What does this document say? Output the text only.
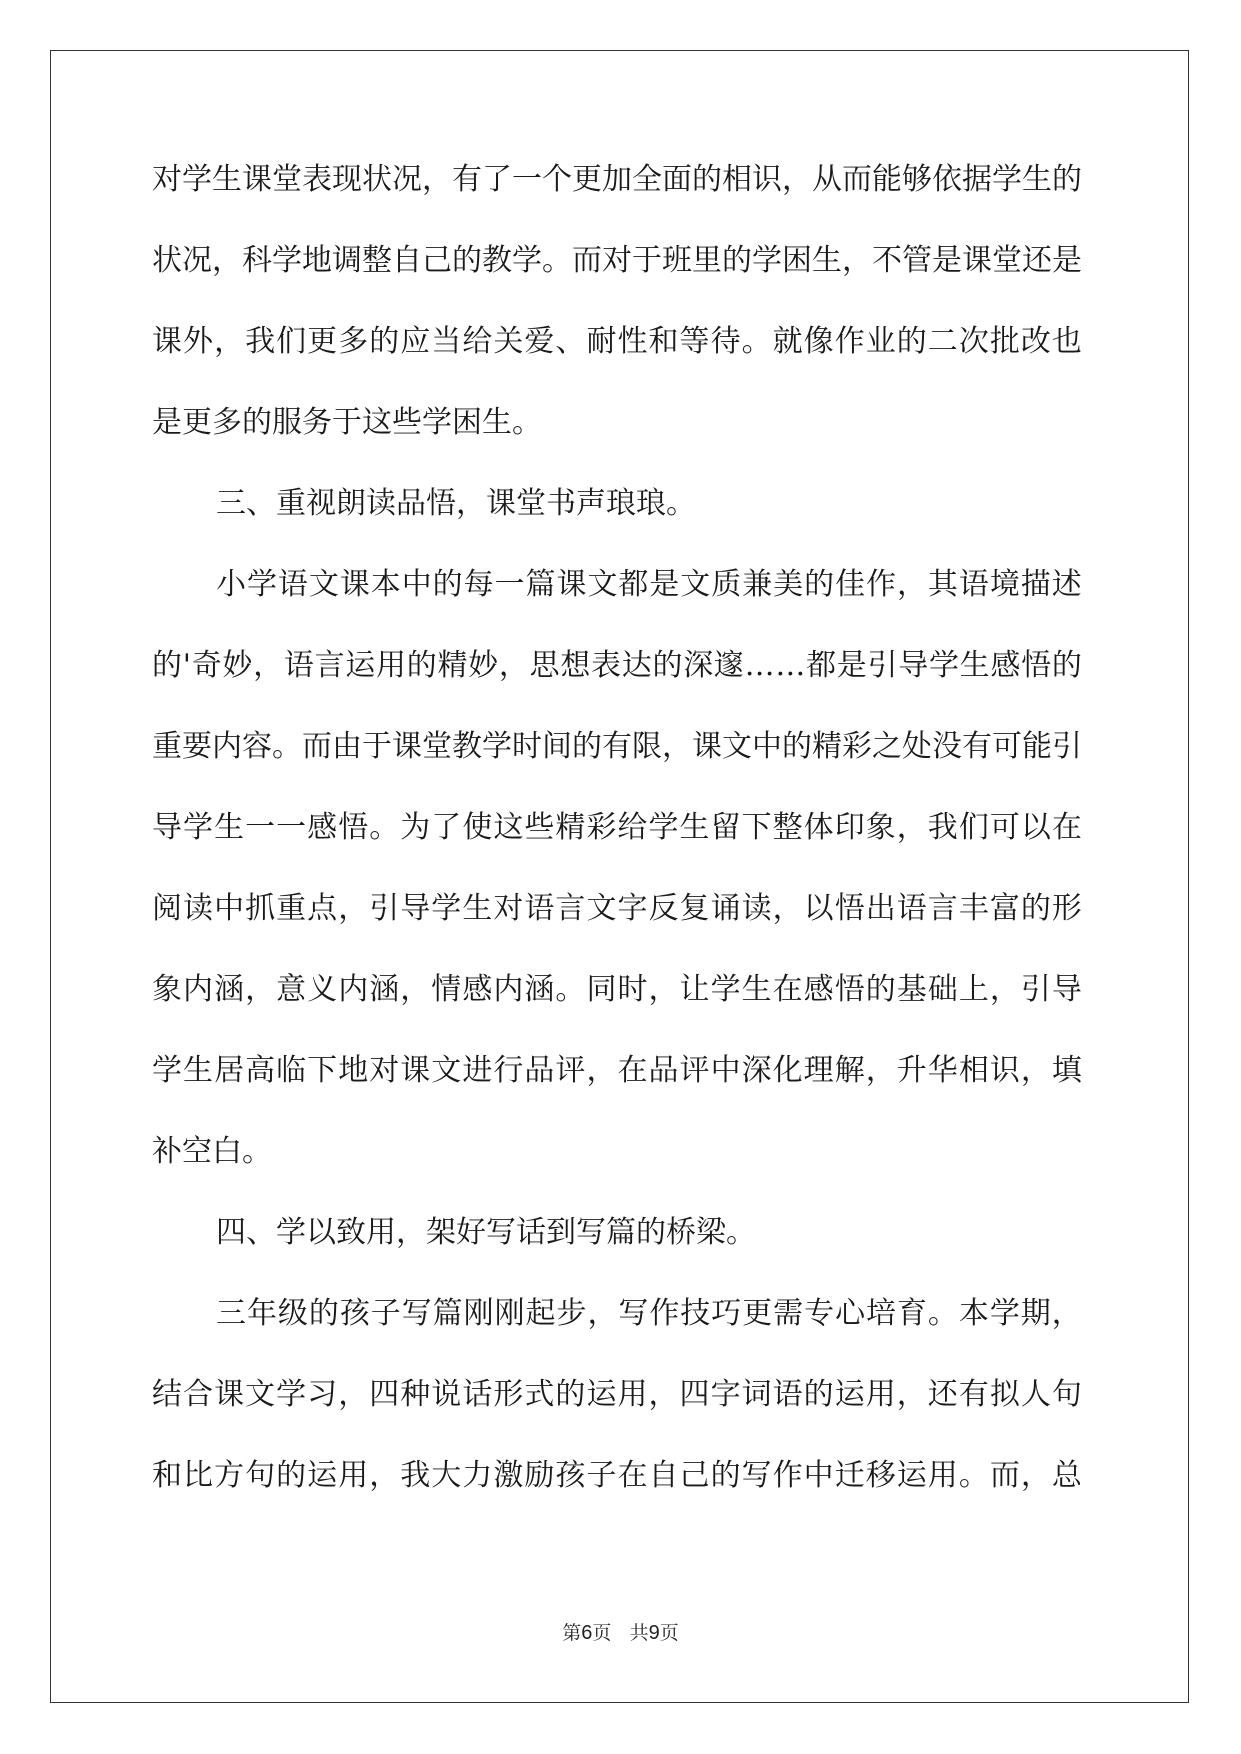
对 学 生 课 堂 表 现 状 况 ， 有 了 一 个 更 加 全 面 的 相 识 ， 从 而 能 够 依 据 学 生 的
状 况 ， 科 学 地 调 整 自 己 的 教 学 。 而 对 于 班 里 的 学 困 生 ， 不 管 是 课 堂 还 是
课 外 ， 我 们 更 多 的 应 当 给 关 爱 、 耐 性 和 等 待 。 就 像 作 业 的 二 次 批 改 也
是更多的服务于这些学困生。
三、重视朗读品悟，课堂书声琅琅。
小 学 语 文 课 本 中 的 每 一 篇 课 文 都 是 文 质 兼 美 的 佳 作 ， 其 语 境 描 述
的 ' 奇 妙 ， 语 言 运 用 的 精 妙 ， 思 想 表 达 的 深 邃 … … 都 是 引 导 学 生 感 悟 的
重 要 内 容 。 而 由 于 课 堂 教 学 时 间 的 有 限 ， 课 文 中 的 精 彩 之 处 没 有 可 能 引
导 学 生 一 一 感 悟 。 为 了 使 这 些 精 彩 给 学 生 留 下 整 体 印 象 ， 我 们 可 以 在
阅 读 中 抓 重 点 ， 引 导 学 生 对 语 言 文 字 反 复 诵 读 ， 以 悟 出 语 言 丰 富 的 形
象 内 涵 ， 意 义 内 涵 ， 情 感 内 涵 。 同 时 ， 让 学 生 在 感 悟 的 基 础 上 ， 引 导
学 生 居 高 临 下 地 对 课 文 进 行 品 评 ， 在 品 评 中 深 化 理 解 ， 升 华 相 识 ， 填
补空白。
四、学以致用，架好写话到写篇的桥梁。
三 年 级 的 孩 子 写 篇 刚 刚 起 步 ， 写 作 技 巧 更 需 专 心 培 育 。 本 学 期 ，
结 合 课 文 学 习 ， 四 种 说 话 形 式 的 运 用 ， 四 字 词 语 的 运 用 ， 还 有 拟 人 句
和 比 方 句 的 运 用 ， 我 大 力 激 励 孩 子 在 自 己 的 写 作 中 迁 移 运 用 。 而 ， 总
第6页 共9页
